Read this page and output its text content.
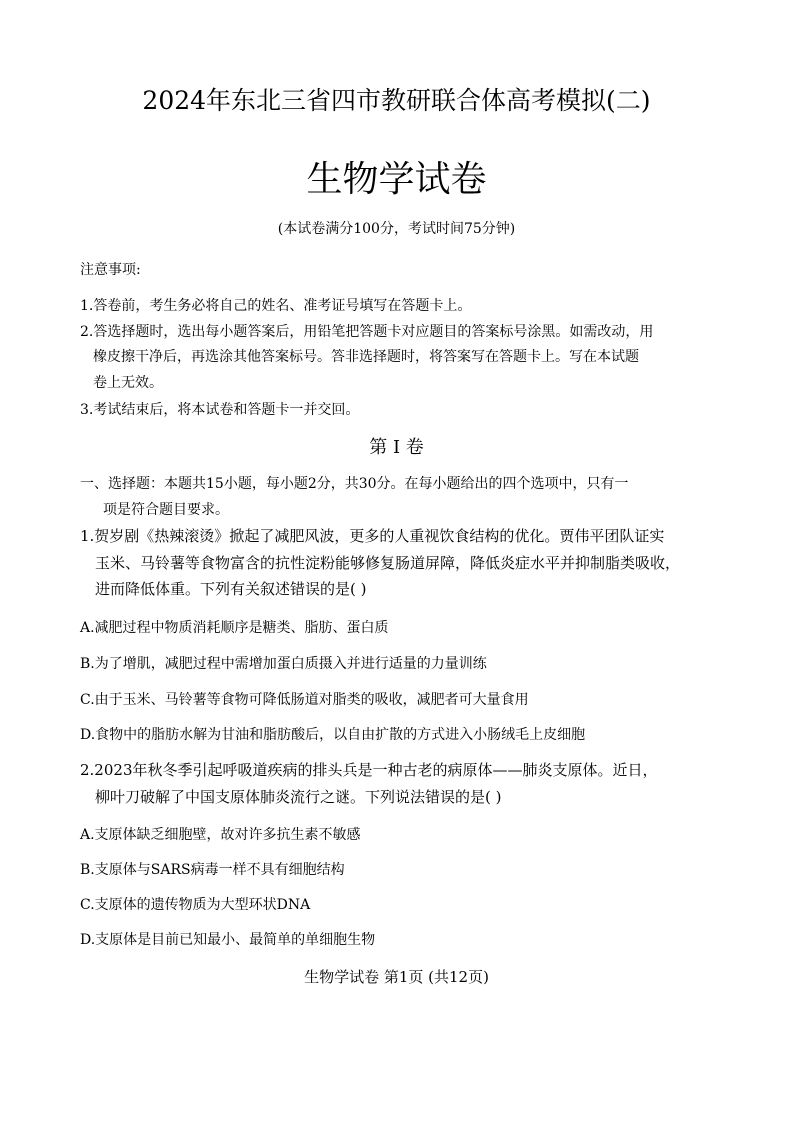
2024年东北三省四市教研联合体高考模拟(二)
生物学试卷
(本试卷满分100分，考试时间75分钟)
注意事项:
1.答卷前，考生务必将自己的姓名、准考证号填写在答题卡上。
2.答选择题时，选出每小题答案后，用铅笔把答题卡对应题目的答案标号涂黑。如需改动，用
橡皮擦干净后，再选涂其他答案标号。答非选择题时，将答案写在答题卡上。写在本试题
卷上无效。
3.考试结束后，将本试卷和答题卡一并交回。
第 I 卷
一、选择题：本题共15小题，每小题2分，共30分。在每小题给出的四个选项中，只有一
项是符合题目要求。
1.贺岁剧《热辣滚烫》掀起了减肥风波，更多的人重视饮食结构的优化。贾伟平团队证实
玉米、马铃薯等食物富含的抗性淀粉能够修复肠道屏障，降低炎症水平并抑制脂类吸收，
进而降低体重。下列有关叙述错误的是( )
A.减肥过程中物质消耗顺序是糖类、脂肪、蛋白质
B.为了增肌，减肥过程中需增加蛋白质摄入并进行适量的力量训练
C.由于玉米、马铃薯等食物可降低肠道对脂类的吸收，减肥者可大量食用
D.食物中的脂肪水解为甘油和脂肪酸后，以自由扩散的方式进入小肠绒毛上皮细胞
2.2023年秋冬季引起呼吸道疾病的排头兵是一种古老的病原体——肺炎支原体。近日，
柳叶刀破解了中国支原体肺炎流行之谜。下列说法错误的是( )
A.支原体缺乏细胞壁，故对许多抗生素不敏感
B.支原体与SARS病毒一样不具有细胞结构
C.支原体的遗传物质为大型环状DNA
D.支原体是目前已知最小、最简单的单细胞生物
生物学试卷 第1页 (共12页)
